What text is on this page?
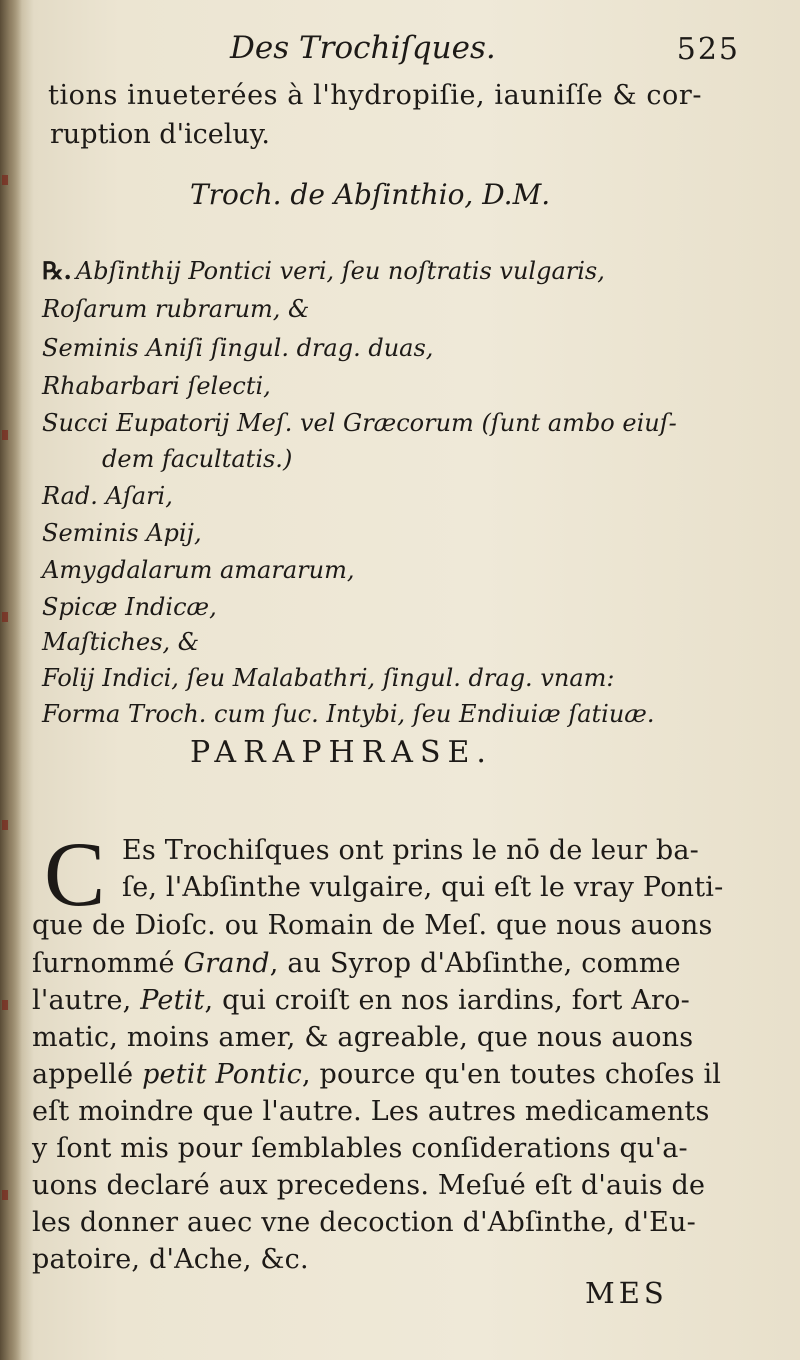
Des Trochiſques.	525
tions inueterées à l'hydropiſie, iauniſſe & cor-
ruption d'iceluy.
Troch. de Abſinthio, D.M.
℞. Abſinthij Pontici veri, ſeu noſtratis vulgaris,
Roſarum rubrarum, &
Seminis Aniſi ſingul. drag. duas,
Rhabarbari ſelecti,
Succi Eupatorij Meſ. vel Græcorum (ſunt ambo eiuſ-
dem facultatis.)
Rad. Aſari,
Seminis Apij,
Amygdalarum amararum,
Spicæ Indicæ,
Maſtiches, &
Folij Indici, ſeu Malabathri, ſingul. drag. vnam:
Forma Troch. cum ſuc. Intybi, ſeu Endiuiæ ſatiuæ.
PARAPHRASE.
C Es Trochiſques ont prins le nō de leur ba-
ſe, l'Abſinthe vulgaire, qui eſt le vray Ponti-
que de Dioſc. ou Romain de Meſ. que nous auons
ſurnommé Grand, au Syrop d'Abſinthe, comme
l'autre, Petit, qui croiſt en nos iardins, fort Aro-
matic, moins amer, & agreable, que nous auons
appellé petit Pontic, pource qu'en toutes choſes il
eſt moindre que l'autre. Les autres medicaments
y ſont mis pour ſemblables conſiderations qu'a-
uons declaré aux precedens. Meſué eſt d'auis de
les donner auec vne decoction d'Abſinthe, d'Eu-
patoire, d'Ache, &c.
MES
